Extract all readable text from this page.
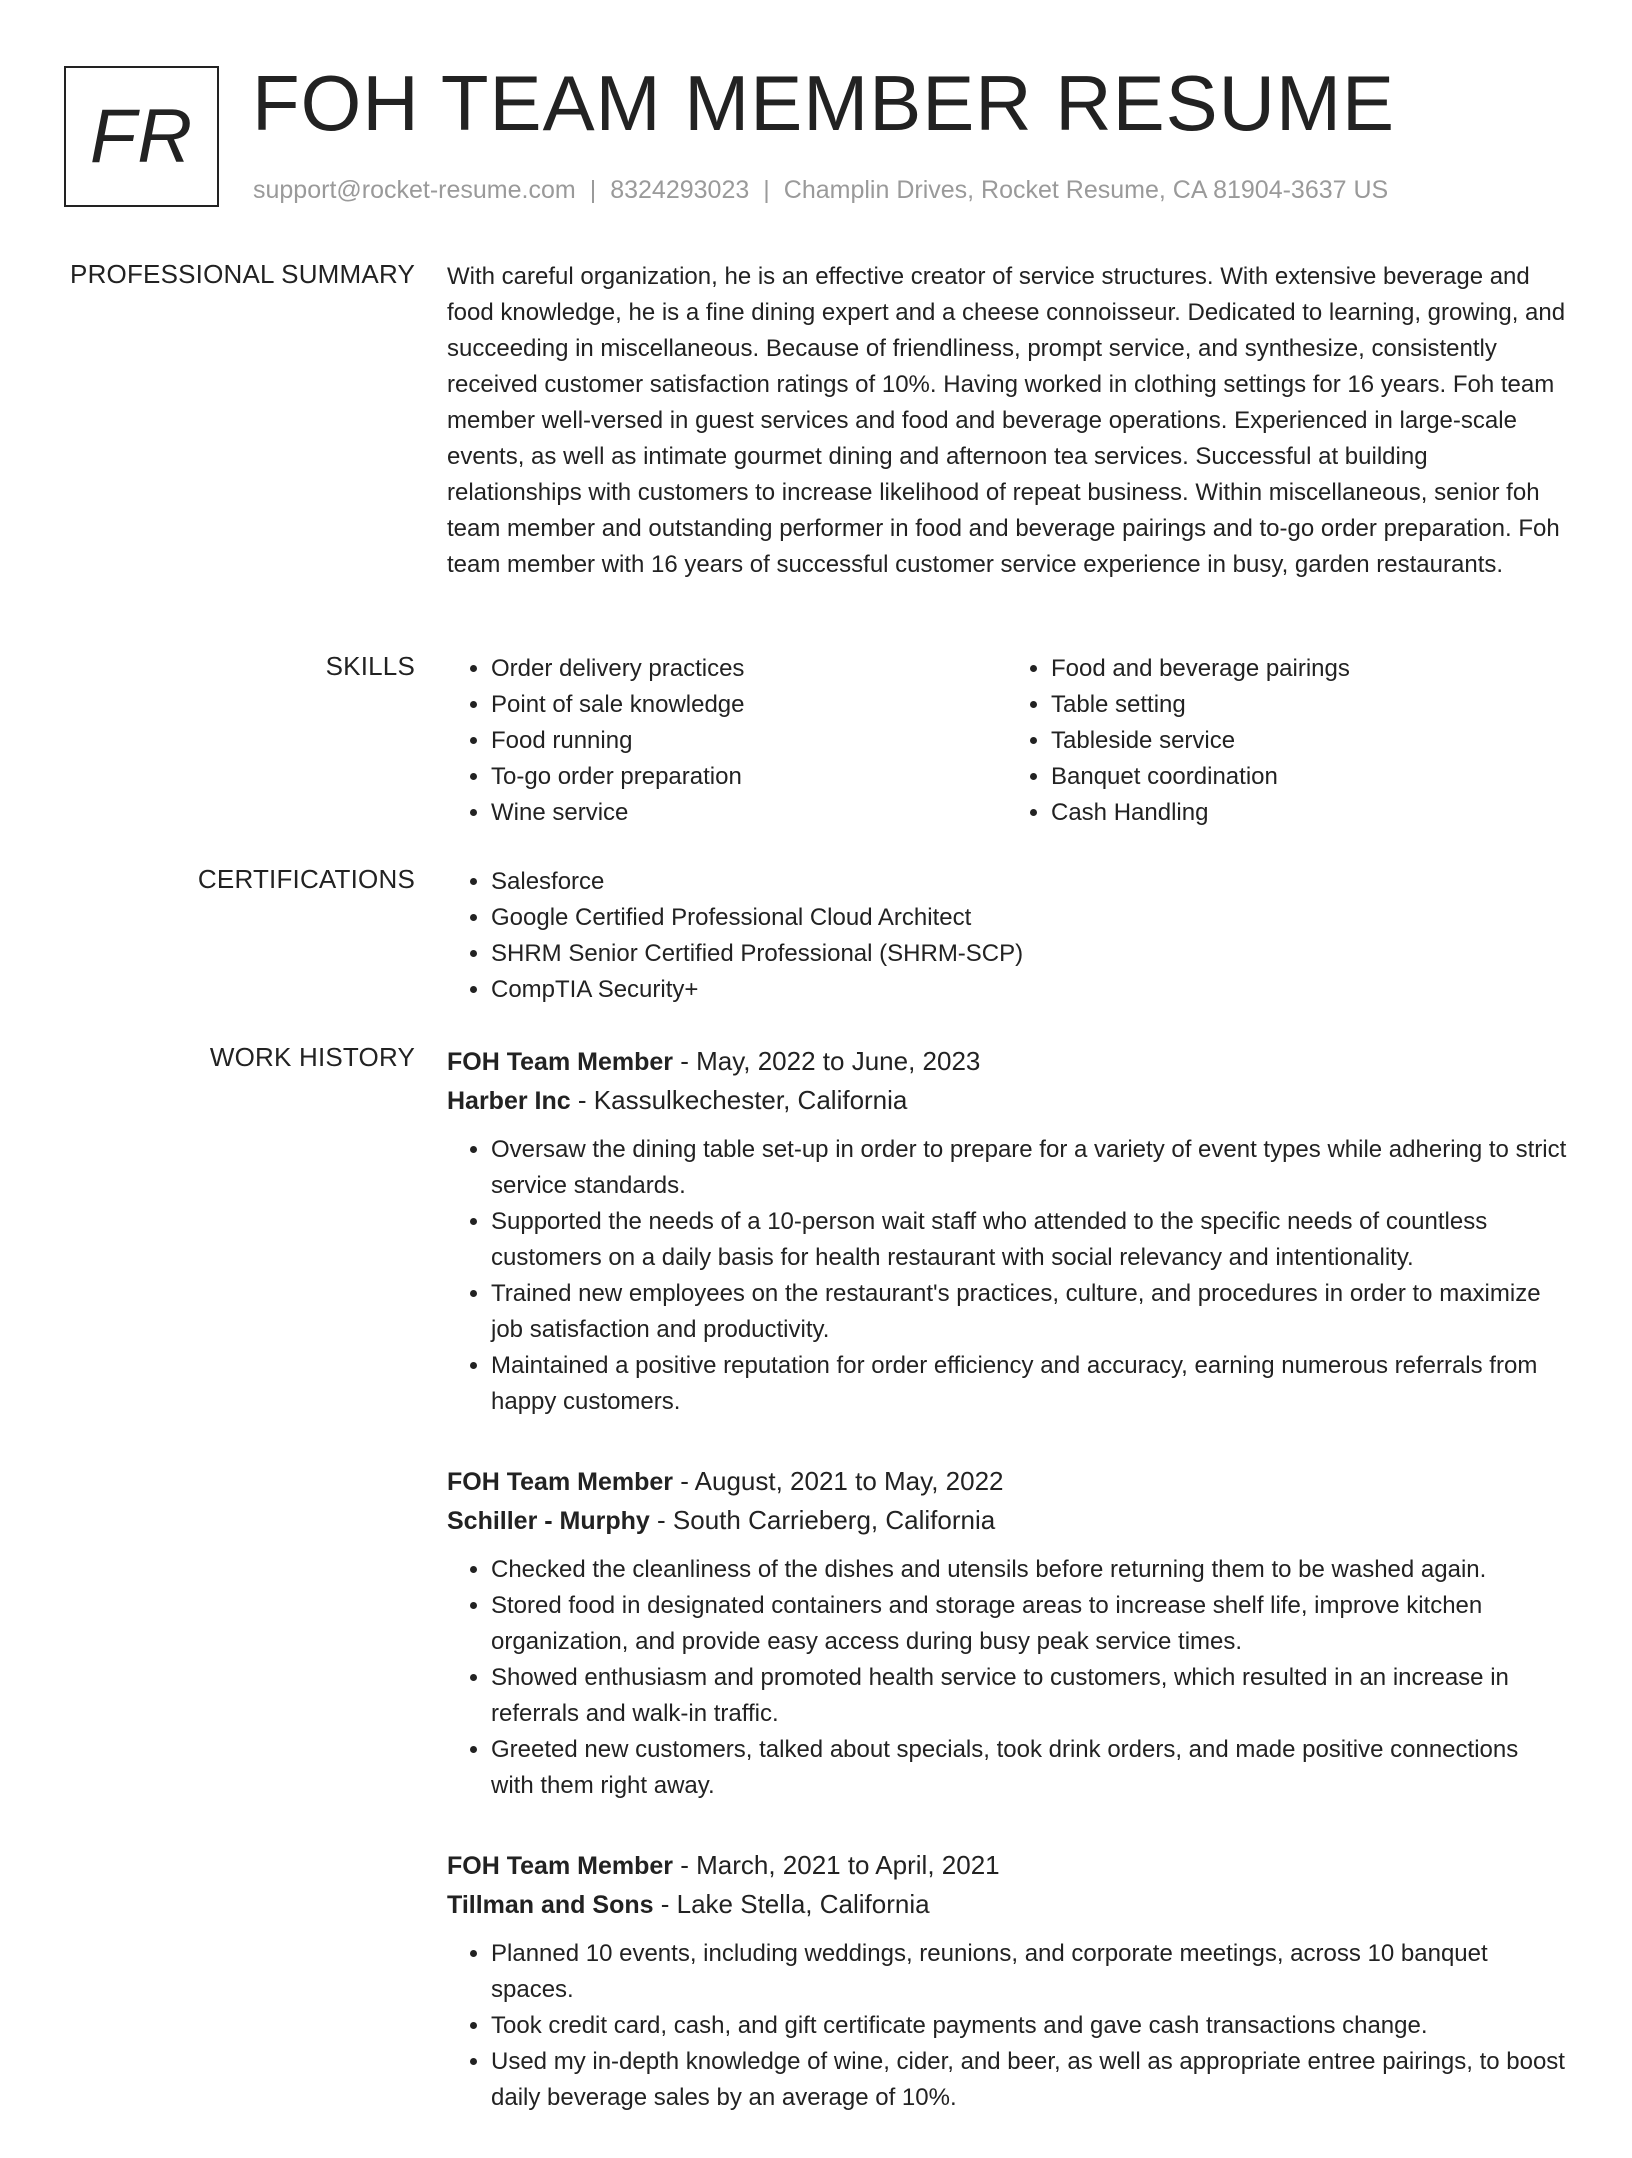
FR FOH TEAM MEMBER RESUME
support@rocket-resume.com | 8324293023 | Champlin Drives, Rocket Resume, CA 81904-3637 US
PROFESSIONAL SUMMARY With careful organization, he is an effective creator of service structures. With extensive beverage and food knowledge, he is a fine dining expert and a cheese connoisseur. Dedicated to learning, growing, and succeeding in miscellaneous. Because of friendliness, prompt service, and synthesize, consistently received customer satisfaction ratings of 10%. Having worked in clothing settings for 16 years. Foh team member well-versed in guest services and food and beverage operations. Experienced in large-scale events, as well as intimate gourmet dining and afternoon tea services. Successful at building relationships with customers to increase likelihood of repeat business. Within miscellaneous, senior foh team member and outstanding performer in food and beverage pairings and to-go order preparation. Foh team member with 16 years of successful customer service experience in busy, garden restaurants.

SKILLS	• Order delivery practices
• Point of sale knowledge
• Food running
• To-go order preparation
• Wine service
• Food and beverage pairings
• Table setting
• Tableside service
• Banquet coordination
• Cash Handling
CERTIFICATIONS	• Salesforce
• Google Certified Professional Cloud Architect
• SHRM Senior Certified Professional (SHRM-SCP)
• CompTIA Security+
WORK HISTORY FOH Team Member - May, 2022 to June, 2023
Harber Inc - Kassulkechester, California
• Oversaw the dining table set-up in order to prepare for a variety of event types while adhering to strict service standards.
• Supported the needs of a 10-person wait staff who attended to the specific needs of countless customers on a daily basis for health restaurant with social relevancy and intentionality.
• Trained new employees on the restaurant's practices, culture, and procedures in order to maximize job satisfaction and productivity.
• Maintained a positive reputation for order efficiency and accuracy, earning numerous referrals from happy customers.
FOH Team Member - August, 2021 to May, 2022
Schiller - Murphy - South Carrieberg, California
• Checked the cleanliness of the dishes and utensils before returning them to be washed again.
• Stored food in designated containers and storage areas to increase shelf life, improve kitchen organization, and provide easy access during busy peak service times.
• Showed enthusiasm and promoted health service to customers, which resulted in an increase in referrals and walk-in traffic.
• Greeted new customers, talked about specials, took drink orders, and made positive connections with them right away.
FOH Team Member - March, 2021 to April, 2021
Tillman and Sons - Lake Stella, California
• Planned 10 events, including weddings, reunions, and corporate meetings, across 10 banquet spaces.
• Took credit card, cash, and gift certificate payments and gave cash transactions change.
• Used my in-depth knowledge of wine, cider, and beer, as well as appropriate entree pairings, to boost daily beverage sales by an average of 10%.
